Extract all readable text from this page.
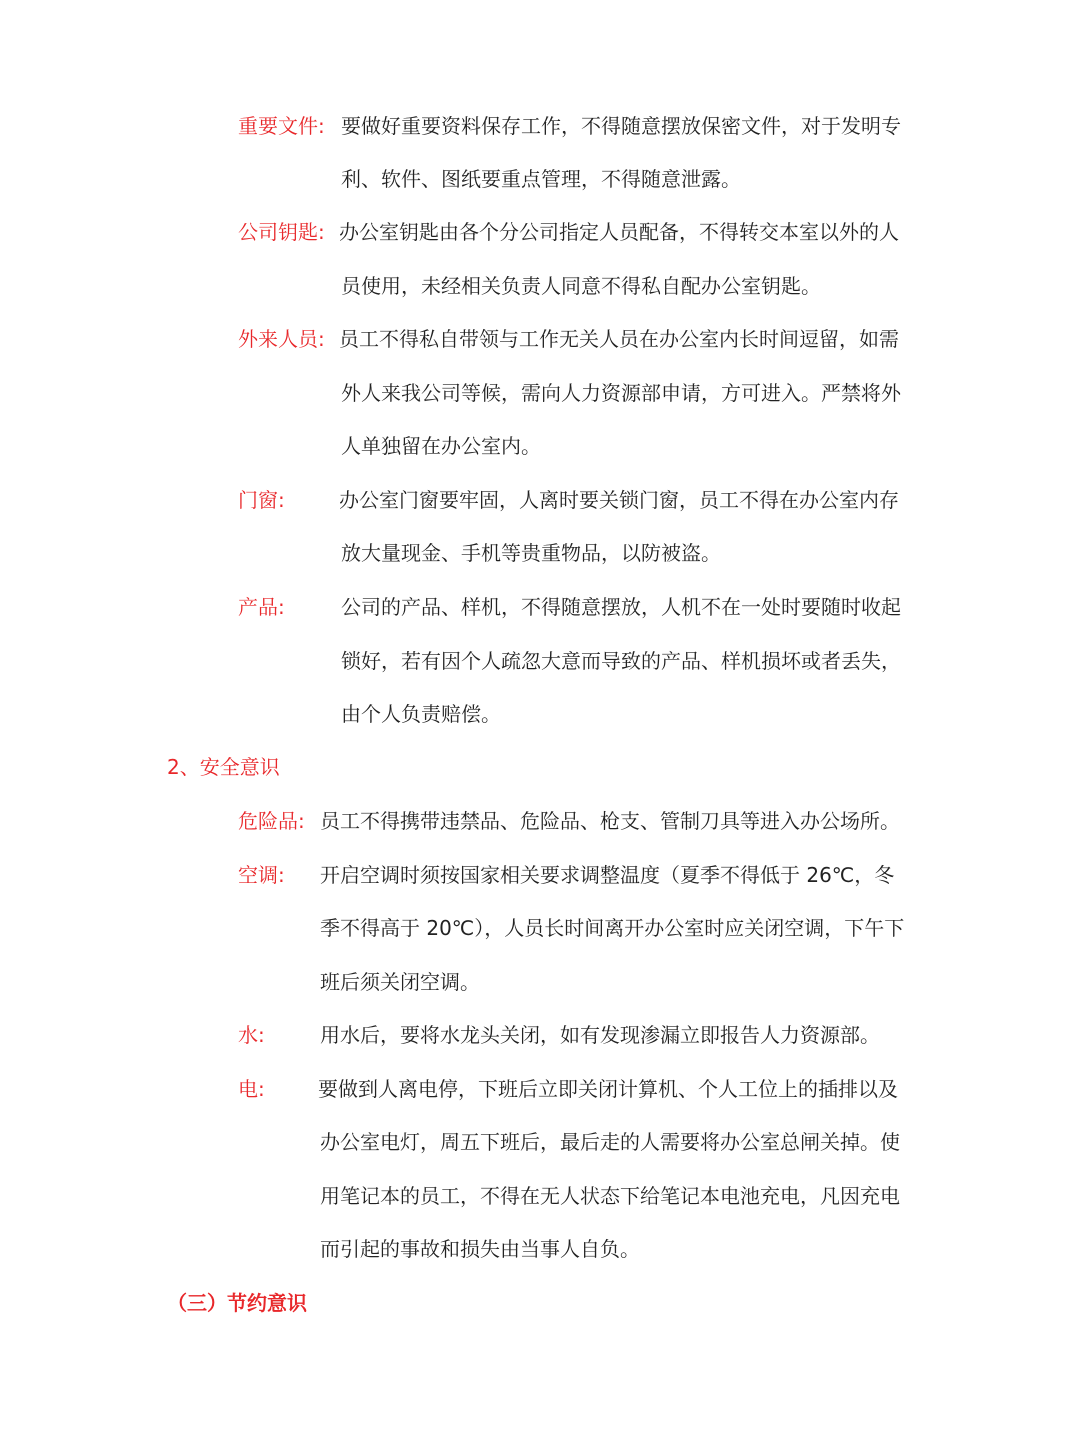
重要文件: 要做好重要资料保存工作，不得随意摆放保密文件，对于发明专
利、软件、图纸要重点管理，不得随意泄露。
公司钥匙: 办公室钥匙由各个分公司指定人员配备，不得转交本室以外的人
员使用，未经相关负责人同意不得私自配办公室钥匙。
外来人员: 员工不得私自带领与工作无关人员在办公室内长时间逗留，如需
外人来我公司等候，需向人力资源部申请，方可进入。严禁将外
人单独留在办公室内。
门窗:	办公室门窗要牢固，人离时要关锁门窗，员工不得在办公室内存
放大量现金、手机等贵重物品，以防被盗。
产品:	公司的产品、样机，不得随意摆放，人机不在一处时要随时收起
锁好，若有因个人疏忽大意而导致的产品、样机损坏或者丢失，
由个人负责赔偿。
2、安全意识
危险品: 员工不得携带违禁品、危险品、枪支、管制刀具等进入办公场所。
空调: 开启空调时须按国家相关要求调整温度（夏季不得低于 26℃，冬
季不得高于 20℃），人员长时间离开办公室时应关闭空调，下午下
班后须关闭空调。
水:	用水后，要将水龙头关闭，如有发现渗漏立即报告人力资源部。
电:	要做到人离电停，下班后立即关闭计算机、个人工位上的插排以及
办公室电灯，周五下班后，最后走的人需要将办公室总闸关掉。使
用笔记本的员工，不得在无人状态下给笔记本电池充电，凡因充电
而引起的事故和损失由当事人自负。
（三）节约意识
